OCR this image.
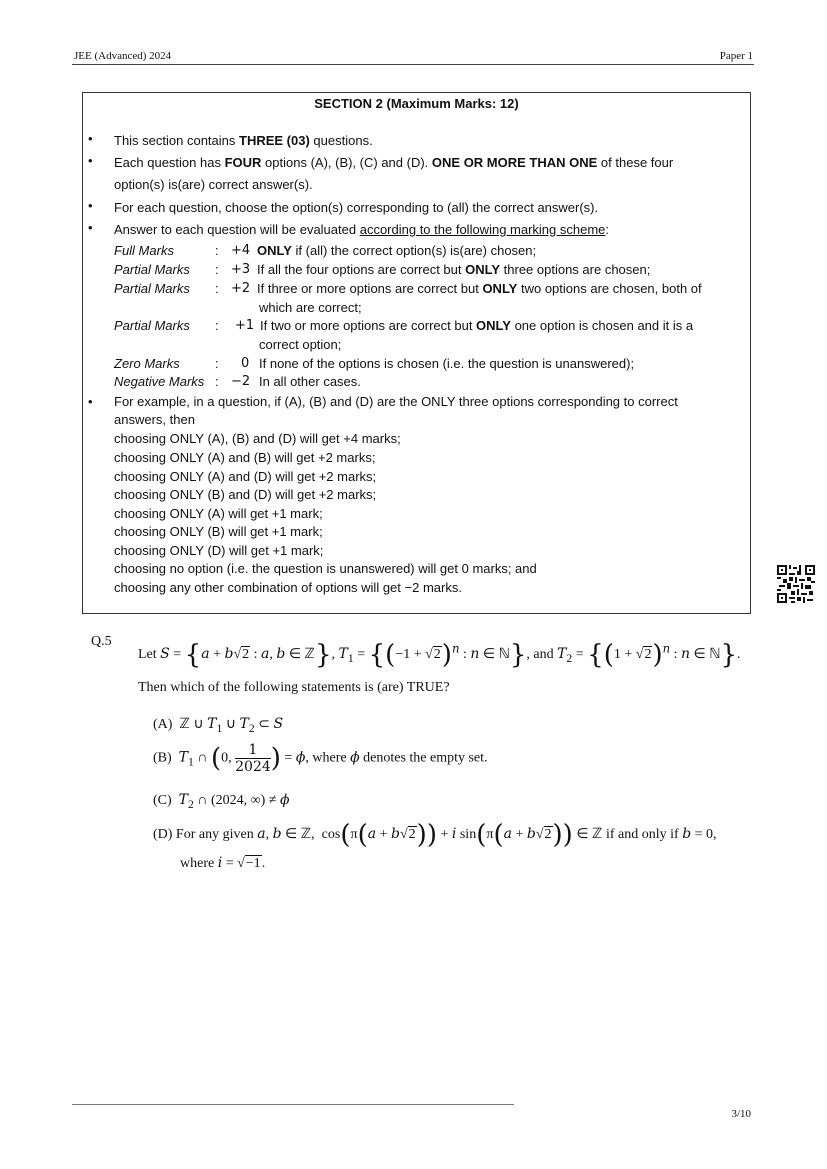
JEE (Advanced) 2024	Paper 1
SECTION 2 (Maximum Marks: 12)
• This section contains THREE (03) questions.
• Each question has FOUR options (A), (B), (C) and (D). ONE OR MORE THAN ONE of these four
option(s) is(are) correct answer(s).
• For each question, choose the option(s) corresponding to (all) the correct answer(s).
• Answer to each question will be evaluated according to the following marking scheme:
Full Marks	: +4 ONLY if (all) the correct option(s) is(are) chosen;
Partial Marks : +3 If all the four options are correct but ONLY three options are chosen;
Partial Marks : +2 If three or more options are correct but ONLY two options are chosen, both of
which are correct;
Partial Marks : +1 If two or more options are correct but ONLY one option is chosen and it is a
correct option;
Zero Marks	: 0 If none of the options is chosen (i.e. the question is unanswered);
Negative Marks : −2 In all other cases.
• For example, in a question, if (A), (B) and (D) are the ONLY three options corresponding to correct
answers, then
choosing ONLY (A), (B) and (D) will get +4 marks;
choosing ONLY (A) and (B) will get +2 marks;
choosing ONLY (A) and (D) will get +2 marks;
choosing ONLY (B) and (D) will get +2 marks;
choosing ONLY (A) will get +1 mark;
choosing ONLY (B) will get +1 mark;
choosing ONLY (D) will get +1 mark;
choosing no option (i.e. the question is unanswered) will get 0 marks; and
choosing any other combination of options will get −2 marks.
Q.5
Let S = {a + b√2 : a, b ∈ ℤ}, $T_1 = \{(-1 + √2)^n$ : n ∈ ℕ}, and $T_2 = \{(1 + √2)^n$ : n ∈ ℕ}.
Then which of the following statements is (are) TRUE?
(A) ℤ ∪ $T_1$ ∪ $T_2$ ⊂ S
(B) $T_1$ ∩ (0, $\frac{1}{2024}$ ) = ϕ, where ϕ denotes the empty set.
(C) $T_2$ ∩ (2024, ∞) ≠ ϕ
(D) For any given a, b ∈ ℤ,  cos(π(a + b√2)) + i sin(π(a + b√2)) ∈ ℤ if and only if b = 0,
where i = √−1.
3/10
